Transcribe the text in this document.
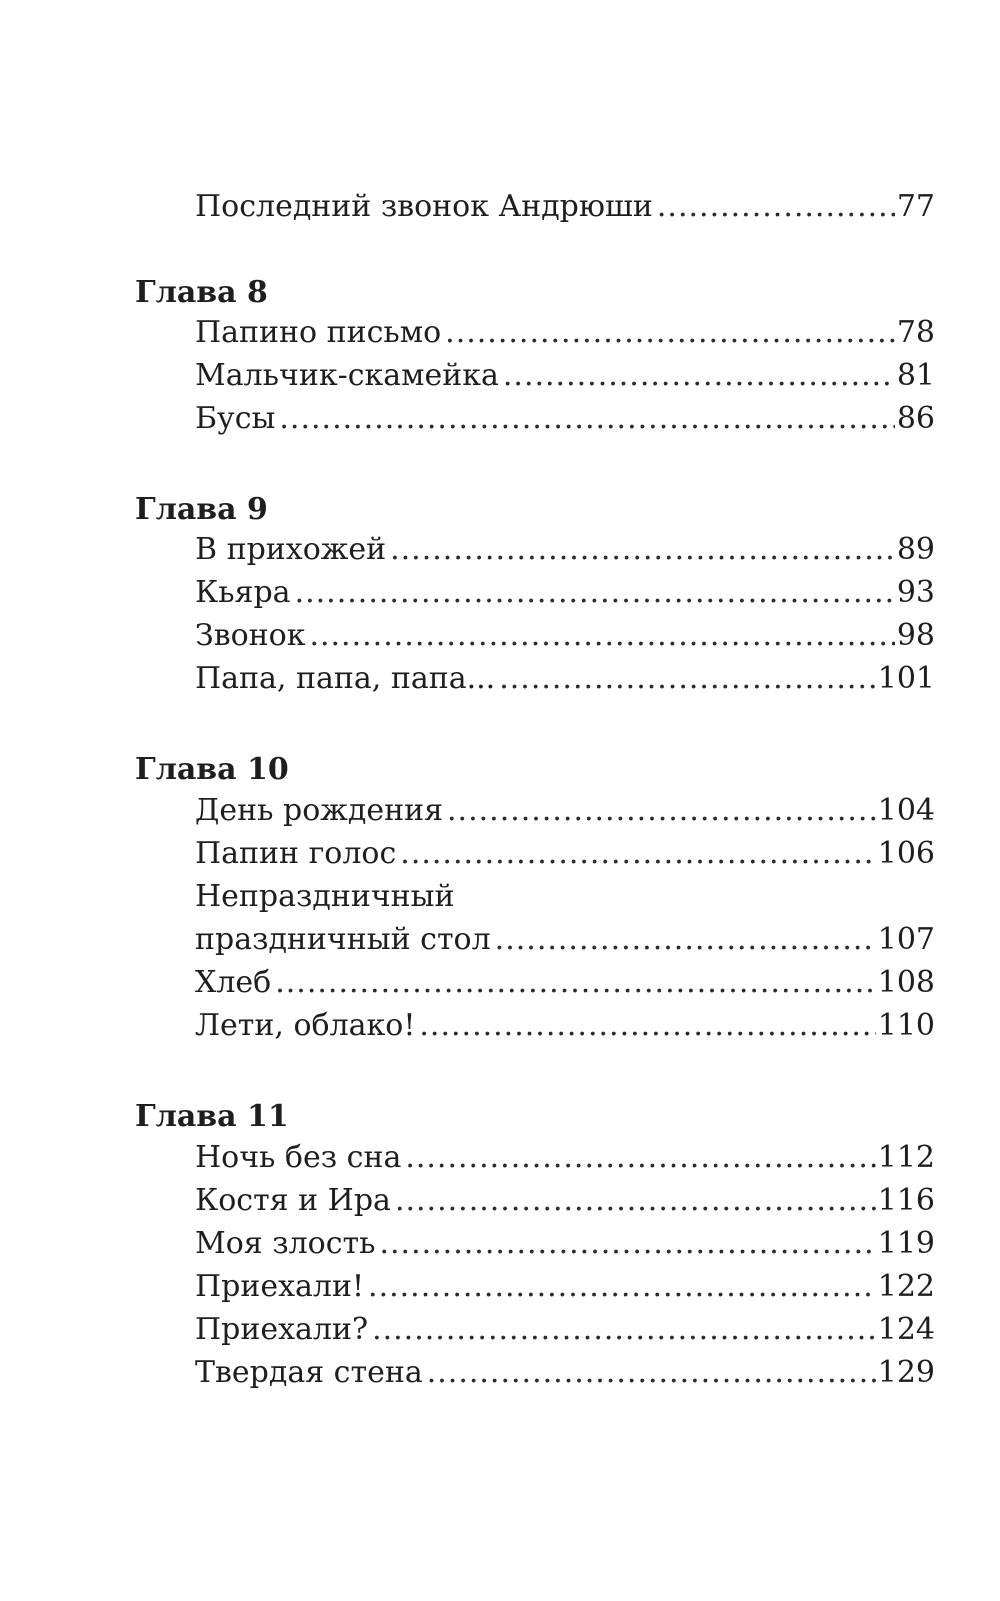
Последний звонок Андрюши .....	77
Глава 8
Папино письмо .....	78
Мальчик-скамейка .....	81
Бусы .....	86
Глава 9
В прихожей .....	89
Кьяра .....	93
Звонок .....	98
Папа, папа, папа... .....	101
Глава 10
День рождения .....	104
Папин голос .....	106
Непраздничный
праздничный стол .....	107
Хлеб .....	108
Лети, облако! .....	110
Глава 11
Ночь без сна .....	112
Костя и Ира .....	116
Моя злость .....	119
Приехали! .....	122
Приехали? .....	124
Твердая стена .....	129
